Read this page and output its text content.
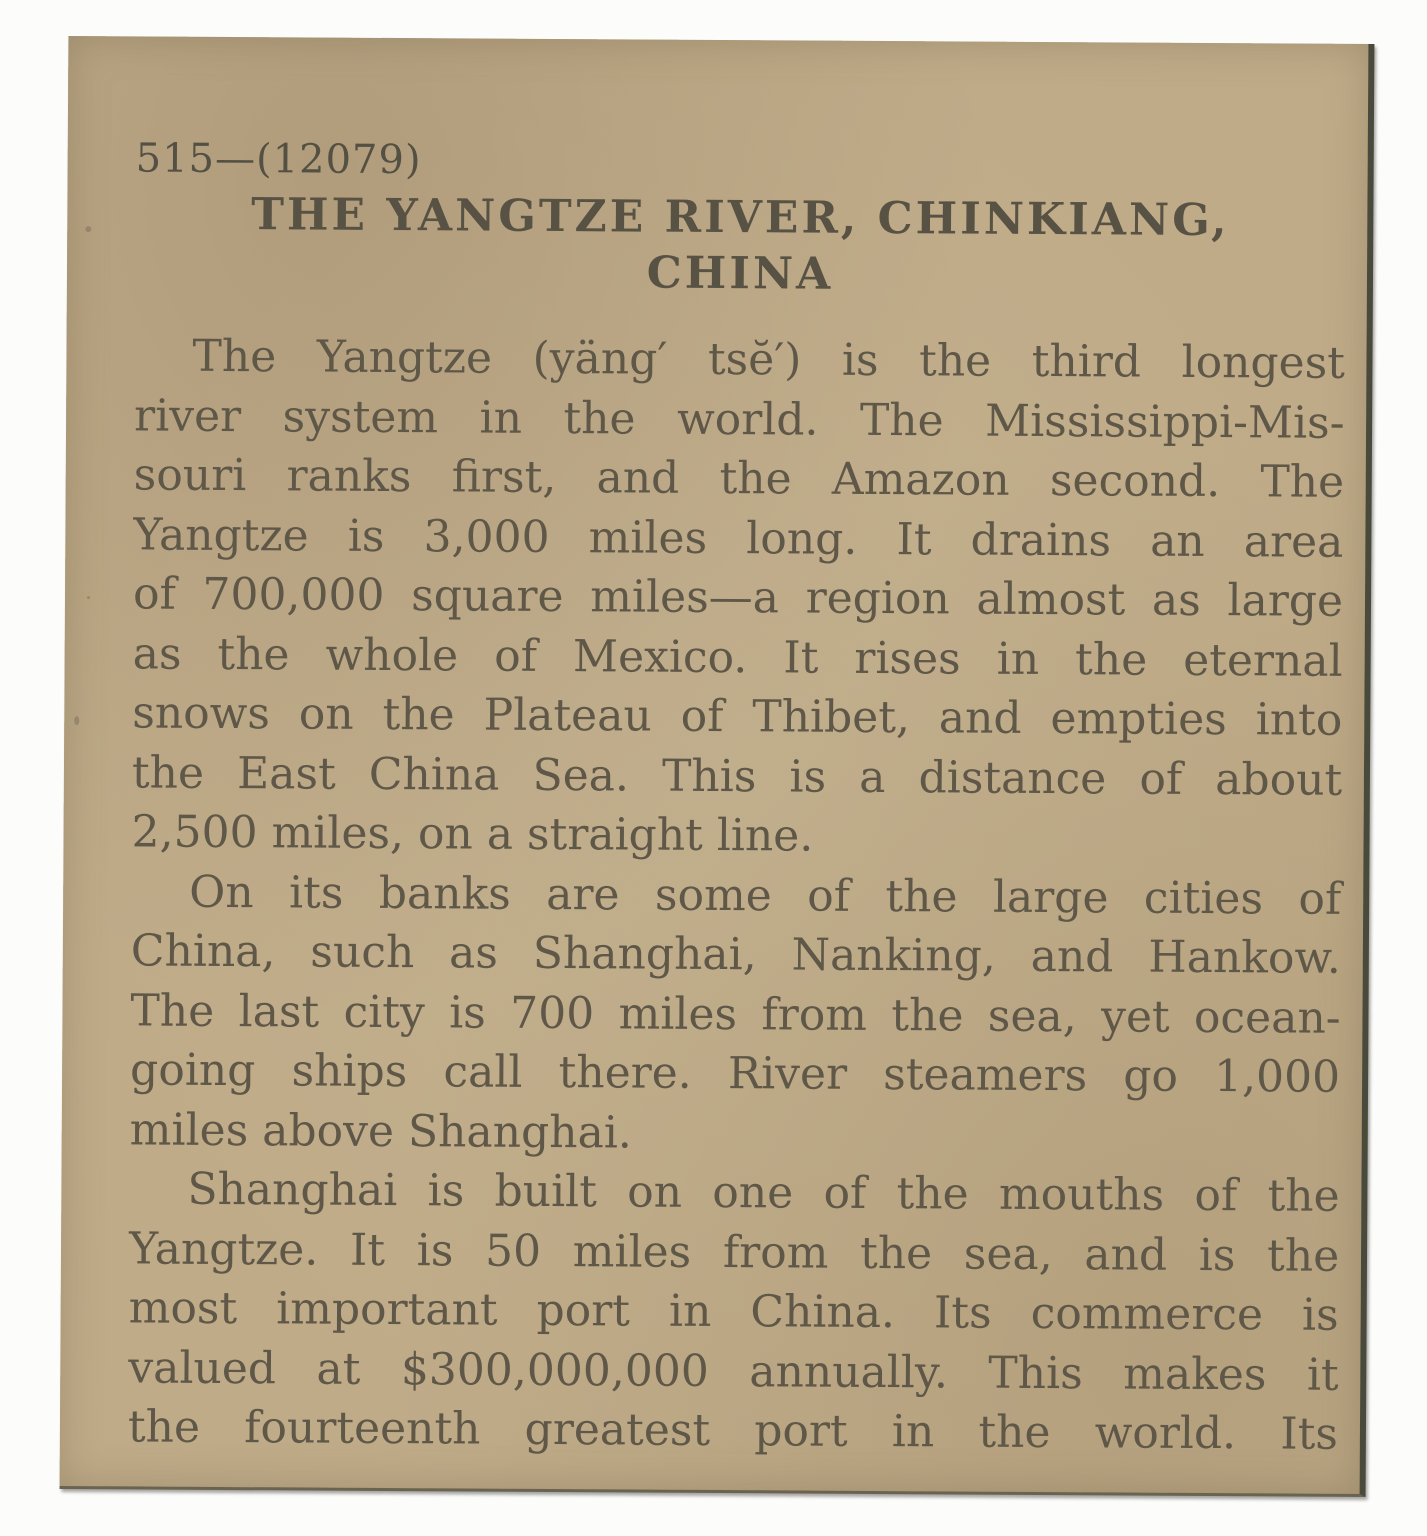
515—(12079)

THE YANGTZE RIVER, CHINKIANG,
CHINA
The Yangtze (yäng′ tsĕ′) is the third longest
river system in the world. The Mississippi-Mis-
souri ranks first, and the Amazon second. The
Yangtze is 3,000 miles long. It drains an area
of 700,000 square miles—a region almost as large
as the whole of Mexico. It rises in the eternal
snows on the Plateau of Thibet, and empties into
the East China Sea. This is a distance of about
2,500 miles, on a straight line.
On its banks are some of the large cities of
China, such as Shanghai, Nanking, and Hankow.
The last city is 700 miles from the sea, yet ocean-
going ships call there. River steamers go 1,000
miles above Shanghai.
Shanghai is built on one of the mouths of the
Yangtze. It is 50 miles from the sea, and is the
most important port in China. Its commerce is
valued at $300,000,000 annually. This makes it
the fourteenth greatest port in the world. Its
